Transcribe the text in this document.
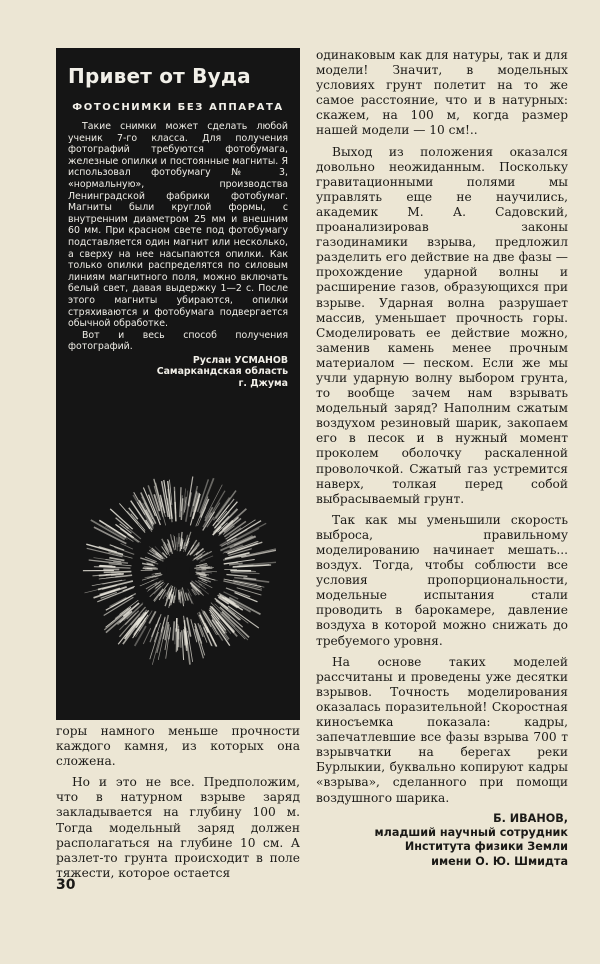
Привет от Вуда
ФОТОСНИМКИ БЕЗ АППАРАТА

Такие снимки может сделать любой ученик 7-го класса. Для получения фотографий требуются фотобумага, железные опилки и постоянные магниты. Я использовал фотобумагу № 3, «нормальную», производства Ленинградской фабрики фотобумаг. Магниты были круглой формы, с внутренним диаметром 25 мм и внешним 60 мм. При красном свете под фотобумагу подставляется один магнит или несколько, а сверху на нее насыпаются опилки. Как только опилки распределятся по силовым линиям магнитного поля, можно включать белый свет, давая выдержку 1—2 с. После этого магниты убираются, опилки стряхиваются и фотобумага подвергается обычной обработке.

Вот и весь способ получения фотографий.

Руслан УСМАНОВ
Самаркандская область
г. Джума

горы намного меньше прочности каждого камня, из которых она сложена.

Но и это не все. Предположим, что в натурном взрыве заряд закладывается на глубину 100 м. Тогда модельный заряд должен располагаться на глубине 10 см. А разлет-то грунта происходит в поле тяжести, которое остается

одинаковым как для натуры, так и для модели! Значит, в модельных условиях грунт полетит на то же самое расстояние, что и в натурных: скажем, на 100 м, когда размер нашей модели — 10 см!..

Выход из положения оказался довольно неожиданным. Поскольку гравитационными полями мы управлять еще не научились, академик М. А. Садовский, проанализировав законы газодинамики взрыва, предложил разделить его действие на две фазы — прохождение ударной волны и расширение газов, образующихся при взрыве. Ударная волна разрушает массив, уменьшает прочность горы. Смоделировать ее действие можно, заменив камень менее прочным материалом — песком. Если же мы учли ударную волну выбором грунта, то вообще зачем нам взрывать модельный заряд? Наполним сжатым воздухом резиновый шарик, закопаем его в песок и в нужный момент проколем оболочку раскаленной проволочкой. Сжатый газ устремится наверх, толкая перед собой выбрасываемый грунт.

Так как мы уменьшили скорость выброса, правильному моделированию начинает мешать... воздух. Тогда, чтобы соблюсти все условия пропорциональности, модельные испытания стали проводить в барокамере, давление воздуха в которой можно снижать до требуемого уровня.

На основе таких моделей рассчитаны и проведены уже десятки взрывов. Точность моделирования оказалась поразительной! Скоростная киносъемка показала: кадры, запечатлевшие все фазы взрыва 700 т взрывчатки на берегах реки Бурлыкии, буквально копируют кадры «взрыва», сделанного при помощи воздушного шарика.

Б. ИВАНОВ,
младший научный сотрудник
Института физики Земли
имени О. Ю. Шмидта
30
